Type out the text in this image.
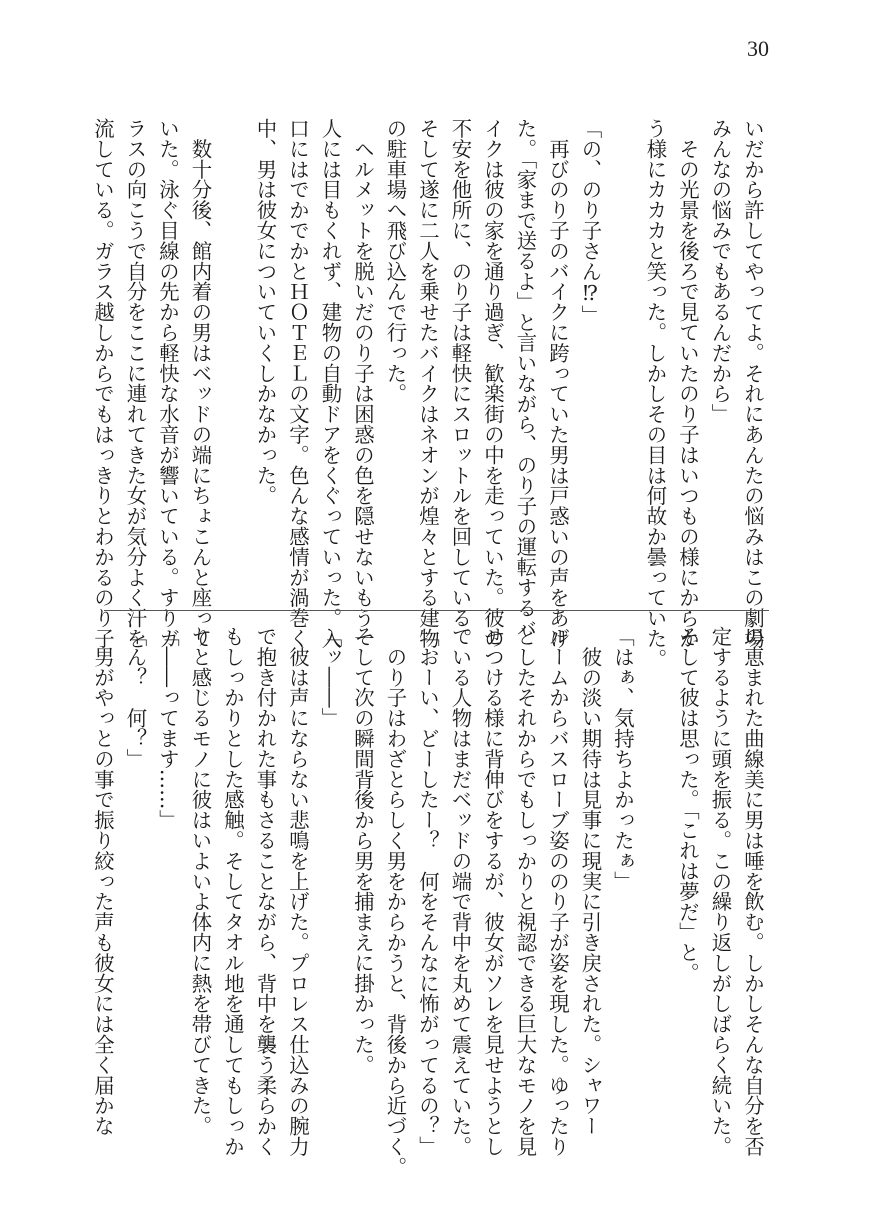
30
いだから許してやってよ。それにあんたの悩みはこの劇場
みんなの悩みでもあるんだから」
　その光景を後ろで見ていたのり子はいつもの様にからか
う様にカカカと笑った。しかしその目は何故か曇っていた。
「の、のり子さん⁉」
　再びのり子のバイクに跨っていた男は戸惑いの声をあげ
た。「家まで送るよ」と言いながら、のり子の運転するバ
イクは彼の家を通り過ぎ、歓楽街の中を走っていた。彼の
不安を他所に、のり子は軽快にスロットルを回している。
そして遂に二人を乗せたバイクはネオンが煌々とする建物
の駐車場へ飛び込んで行った。
　ヘルメットを脱いだのり子は困惑の色を隠せないもう一
人には目もくれず、建物の自動ドアをくぐっていった。入
口にはでかでかとＨＯＴＥＬの文字。色んな感情が渦巻く
中、男は彼女についていくしかなかった。
　数十分後、館内着の男はベッドの端にちょこんと座って
いた。泳ぐ目線の先から軽快な水音が響いている。すりガ
ラスの向こうで自分をここに連れてきた女が気分よく汗を
流している。ガラス越しからでもはっきりとわかるのり子
の恵まれた曲線美に男は唾を飲む。しかしそんな自分を否
定するように頭を振る。この繰り返しがしばらく続いた。
そして彼は思った。「これは夢だ」と。
「はぁ、気持ちよかったぁ」
　彼の淡い期待は見事に現実に引き戻された。シャワー
ルームからバスローブ姿ののり子が姿を現した。ゆったり
としたそれからでもしっかりと視認できる巨大なモノを見
せつける様に背伸びをするが、彼女がソレを見せようとし
ている人物はまだベッドの端で背中を丸めて震えていた。
「おーい、どーしたー？　何をそんなに怖がってるの？」
　のり子はわざとらしく男をからかうと、背後から近づく。
そして次の瞬間背後から男を捕まえに掛かった。
「ッ――」
　彼は声にならない悲鳴を上げた。プロレス仕込みの腕力
で抱き付かれた事もさることながら、背中を襲う柔らかく
もしっかりとした感触。そしてタオル地を通してもしっか
りと感じるモノに彼はいよいよ体内に熱を帯びてきた。
「――ってます……」
「ん？　何？」
　男がやっとの事で振り絞った声も彼女には全く届かな
